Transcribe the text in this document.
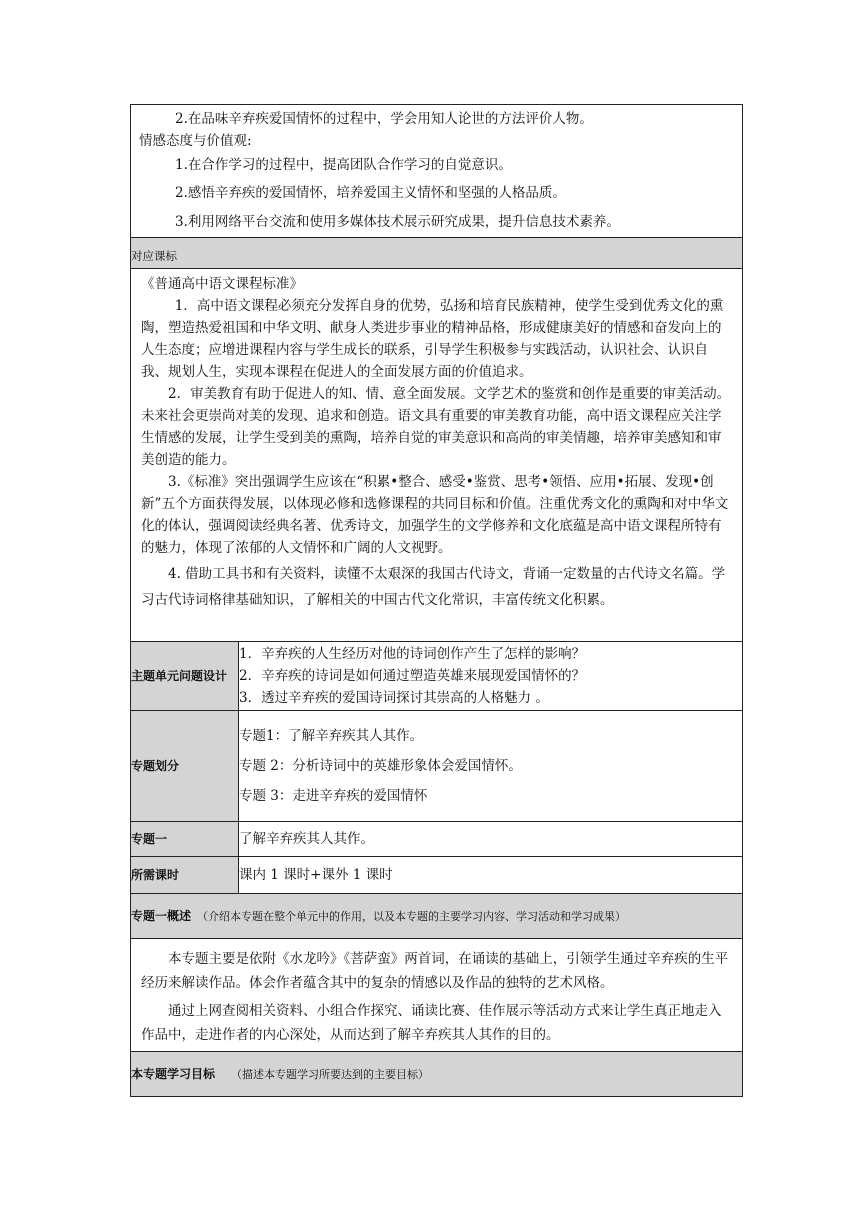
2.在品味辛弃疾爱国情怀的过程中，学会用知人论世的方法评价人物。

情感态度与价值观:

1.在合作学习的过程中，提高团队合作学习的自觉意识。

2.感悟辛弃疾的爱国情怀，培养爱国主义情怀和坚强的人格品质。

3.利用网络平台交流和使用多媒体技术展示研究成果，提升信息技术素养。	

对应课标	

《普通高中语文课程标准》

1．高中语文课程必须充分发挥自身的优势，弘扬和培育民族精神，使学生受到优秀文化的熏陶，塑造热爱祖国和中华文明、献身人类进步事业的精神品格，形成健康美好的情感和奋发向上的人生态度；应增进课程内容与学生成长的联系，引导学生积极参与实践活动，认识社会、认识自我、规划人生，实现本课程在促进人的全面发展方面的价值追求。

2．审美教育有助于促进人的知、情、意全面发展。文学艺术的鉴赏和创作是重要的审美活动。未来社会更崇尚对美的发现、追求和创造。语文具有重要的审美教育功能，高中语文课程应关注学生情感的发展，让学生受到美的熏陶，培养自觉的审美意识和高尚的审美情趣，培养审美感知和审美创造的能力。

3.《标准》突出强调学生应该在“积累•整合、感受•鉴赏、思考•领悟、应用•拓展、发现•创新”五个方面获得发展，以体现必修和选修课程的共同目标和价值。注重优秀文化的熏陶和对中华文化的体认，强调阅读经典名著、优秀诗文，加强学生的文学修养和文化底蕴是高中语文课程所特有的魅力，体现了浓郁的人文情怀和广阔的人文视野。

4. 借助工具书和有关资料，读懂不太艰深的我国古代诗文，背诵一定数量的古代诗文名篇。学习古代诗词格律基础知识，了解相关的中国古代文化常识，丰富传统文化积累。	

主题单元问题设计	1．辛弃疾的人生经历对他的诗词创作产生了怎样的影响？

2．辛弃疾的诗词是如何通过塑造英雄来展现爱国情怀的？

3．透过辛弃疾的爱国诗词探讨其崇高的人格魅力 。

专题划分	专题1：了解辛弃疾其人其作。

专题 2：分析诗词中的英雄形象体会爱国情怀。

专题 3：走进辛弃疾的爱国情怀

专题一	了解辛弃疾其人其作。
所需课时	课内 1 课时+课外 1 课时
专题一概述 （介绍本专题在整个单元中的作用，以及本专题的主要学习内容、学习活动和学习成果）	

本专题主要是依附《水龙吟》《菩萨蛮》两首词，在诵读的基础上，引领学生通过辛弃疾的生平经历来解读作品。体会作者蕴含其中的复杂的情感以及作品的独特的艺术风格。

通过上网查阅相关资料、小组合作探究、诵读比赛、佳作展示等活动方式来让学生真正地走入作品中，走进作者的内心深处，从而达到了解辛弃疾其人其作的目的。	

本专题学习目标 （描述本专题学习所要达到的主要目标）	
